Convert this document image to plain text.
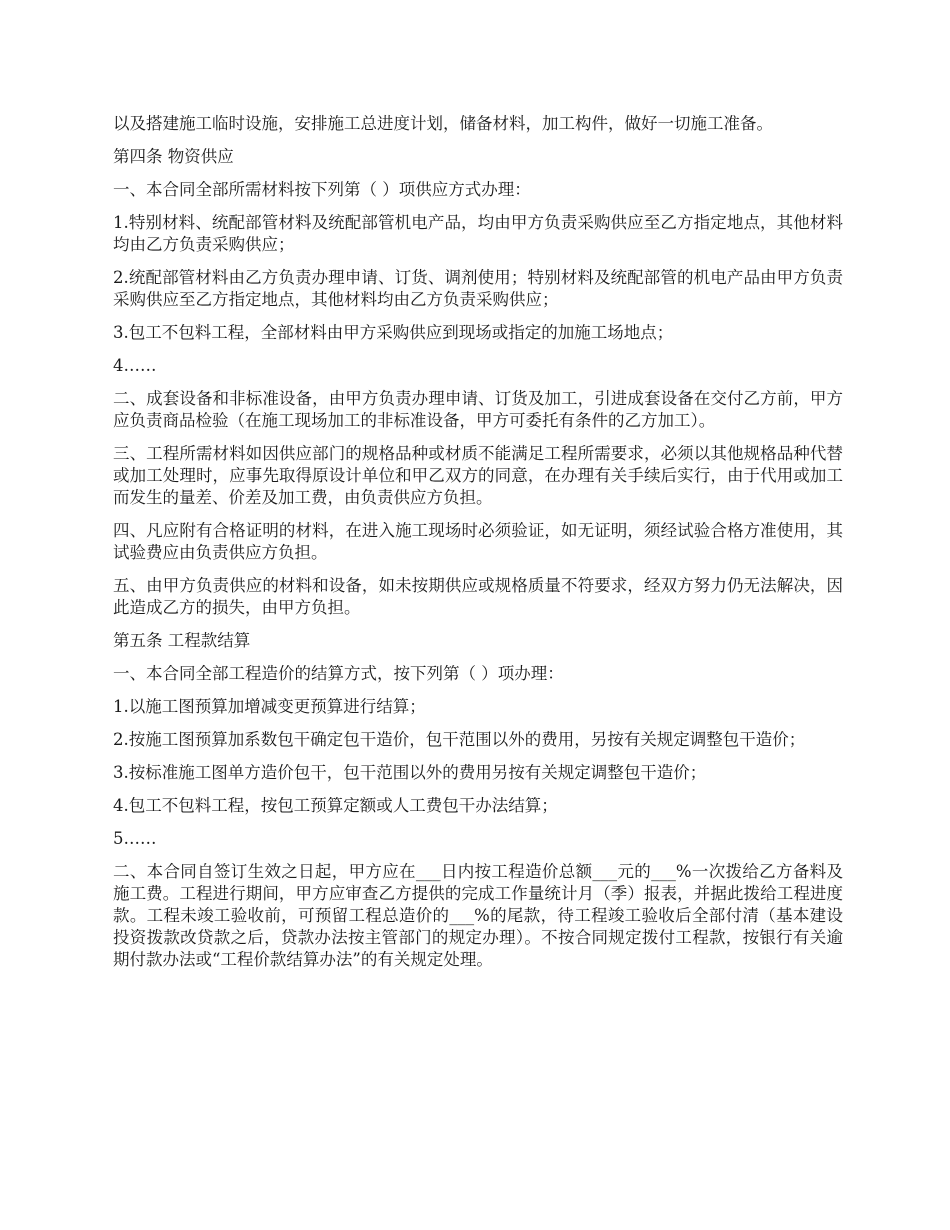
以及搭建施工临时设施，安排施工总进度计划，储备材料，加工构件，做好一切施工准备。

第四条 物资供应

一、本合同全部所需材料按下列第（ ）项供应方式办理：

1.特别材料、统配部管材料及统配部管机电产品，均由甲方负责采购供应至乙方指定地点，其他材料均由乙方负责采购供应；

2.统配部管材料由乙方负责办理申请、订货、调剂使用；特别材料及统配部管的机电产品由甲方负责采购供应至乙方指定地点，其他材料均由乙方负责采购供应；

3.包工不包料工程，全部材料由甲方采购供应到现场或指定的加施工场地点；

4……

二、成套设备和非标准设备，由甲方负责办理申请、订货及加工，引进成套设备在交付乙方前，甲方应负责商品检验（在施工现场加工的非标准设备，甲方可委托有条件的乙方加工）。

三、工程所需材料如因供应部门的规格品种或材质不能满足工程所需要求，必须以其他规格品种代替或加工处理时，应事先取得原设计单位和甲乙双方的同意，在办理有关手续后实行，由于代用或加工而发生的量差、价差及加工费，由负责供应方负担。

四、凡应附有合格证明的材料，在进入施工现场时必须验证，如无证明，须经试验合格方准使用，其试验费应由负责供应方负担。

五、由甲方负责供应的材料和设备，如未按期供应或规格质量不符要求，经双方努力仍无法解决，因此造成乙方的损失，由甲方负担。

第五条 工程款结算

一、本合同全部工程造价的结算方式，按下列第（ ）项办理：

1.以施工图预算加增减变更预算进行结算；

2.按施工图预算加系数包干确定包干造价，包干范围以外的费用，另按有关规定调整包干造价；

3.按标准施工图单方造价包干，包干范围以外的费用另按有关规定调整包干造价；

4.包工不包料工程，按包工预算定额或人工费包干办法结算；

5……

二、本合同自签订生效之日起，甲方应在___日内按工程造价总额___元的___%一次拨给乙方备料及施工费。工程进行期间，甲方应审查乙方提供的完成工作量统计月（季）报表，并据此拨给工程进度款。工程未竣工验收前，可预留工程总造价的___%的尾款，待工程竣工验收后全部付清（基本建设投资拨款改贷款之后，贷款办法按主管部门的规定办理）。不按合同规定拨付工程款，按银行有关逾期付款办法或“工程价款结算办法”的有关规定处理。
